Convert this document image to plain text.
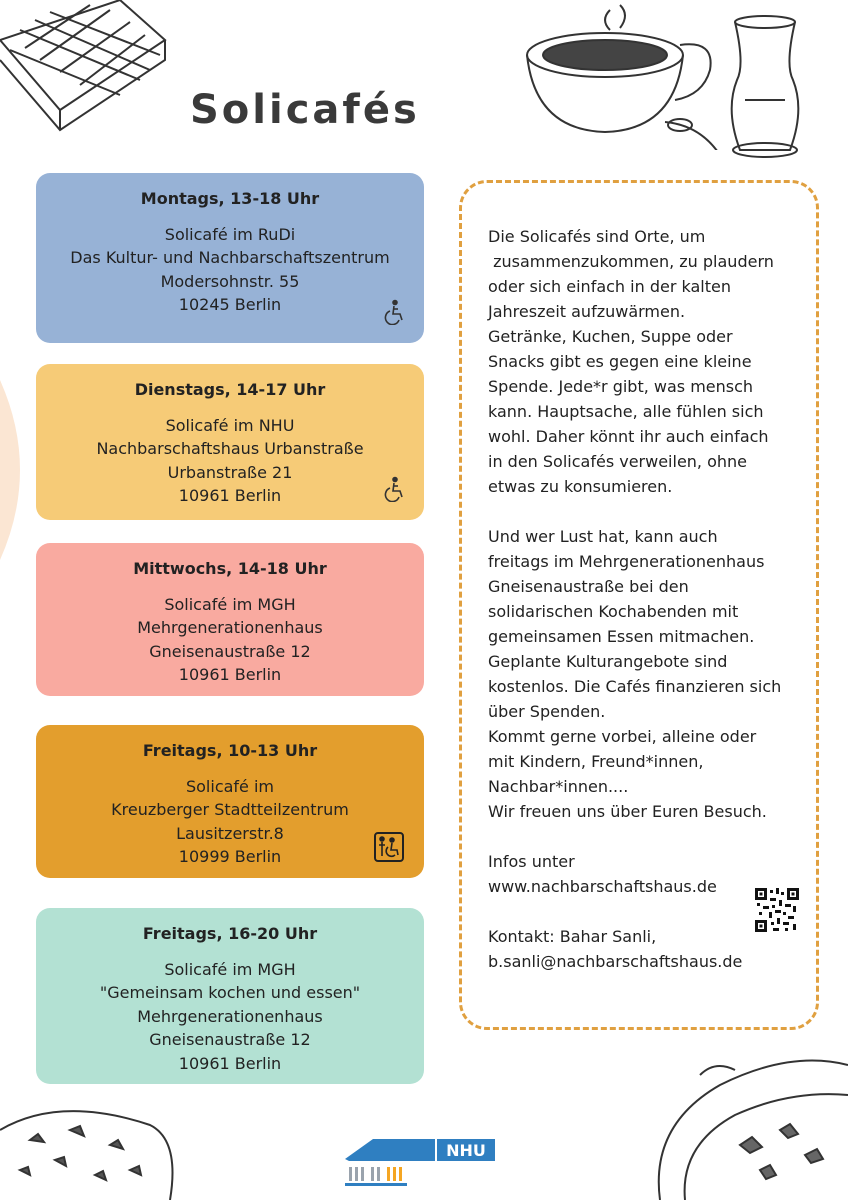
Solicafés
Montags, 13-18 Uhr
Solicafé im RuDi
Das Kultur- und Nachbarschaftszentrum
Modersohnstr. 55
10245 Berlin
Dienstags, 14-17 Uhr
Solicafé im NHU
Nachbarschaftshaus Urbanstraße
Urbanstraße 21
10961 Berlin
Mittwochs, 14-18 Uhr
Solicafé im MGH
Mehrgenerationenhaus
Gneisenaustraße 12
10961 Berlin
Freitags, 10-13 Uhr
Solicafé im
Kreuzberger Stadtteilzentrum
Lausitzerstr.8
10999 Berlin
Freitags, 16-20 Uhr
Solicafé im MGH
"Gemeinsam kochen und essen"
Mehrgenerationenhaus
Gneisenaustraße 12
10961 Berlin

Die Solicafés sind Orte, um

zusammenzukommen, zu plaudern

oder sich einfach in der kalten

Jahreszeit aufzuwärmen.

Getränke, Kuchen, Suppe oder

Snacks gibt es gegen eine kleine

Spende. Jede*r gibt, was mensch

kann. Hauptsache, alle fühlen sich

wohl. Daher könnt ihr auch einfach

in den Solicafés verweilen, ohne

etwas zu konsumieren.

Und wer Lust hat, kann auch

freitags im Mehrgenerationenhaus

Gneisenaustraße bei den

solidarischen Kochabenden mit

gemeinsamen Essen mitmachen.

Geplante Kulturangebote sind

kostenlos. Die Cafés finanzieren sich

über Spenden.

Kommt gerne vorbei, alleine oder

mit Kindern, Freund*innen,

Nachbar*innen....

Wir freuen uns über Euren Besuch.

Infos unter

www.nachbarschaftshaus.de

Kontakt: Bahar Sanli,

b.sanli@nachbarschaftshaus.de

NHU
